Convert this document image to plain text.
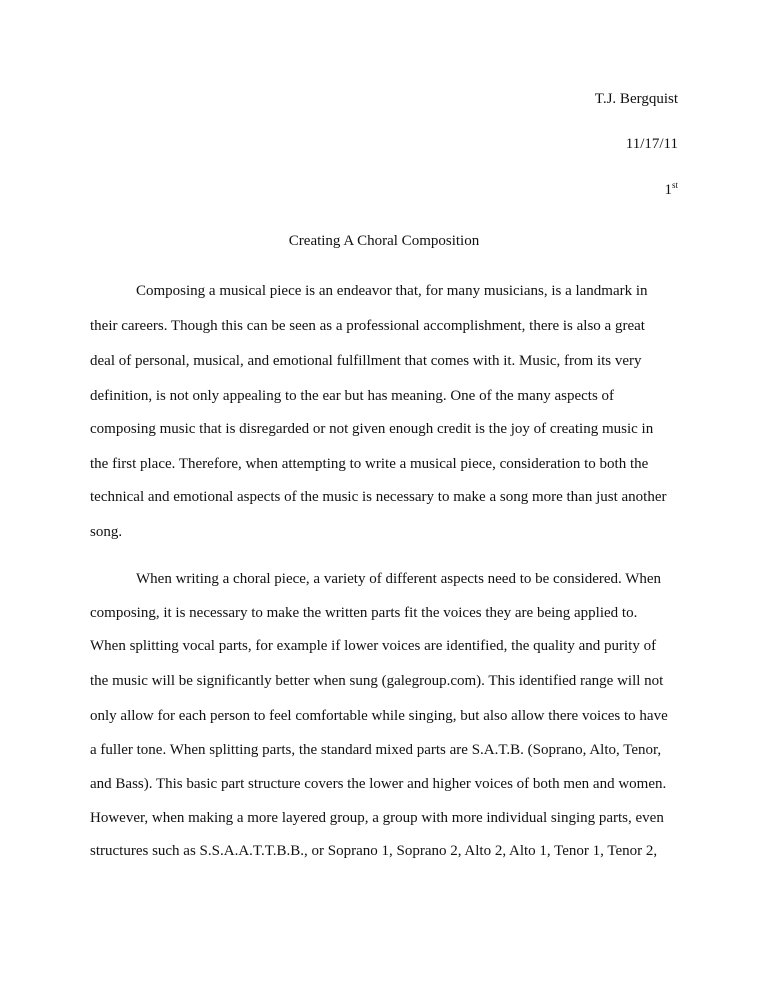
T.J. Bergquist
11/17/11
1st
Creating A Choral Composition
Composing a musical piece is an endeavor that, for many musicians, is a landmark in
their careers. Though this can be seen as a professional accomplishment, there is also a great
deal of personal, musical, and emotional fulfillment that comes with it. Music, from its very
definition, is not only appealing to the ear but has meaning. One of the many aspects of
composing music that is disregarded or not given enough credit is the joy of creating music in
the first place. Therefore, when attempting to write a musical piece, consideration to both the
technical and emotional aspects of the music is necessary to make a song more than just another
song.
When writing a choral piece, a variety of different aspects need to be considered. When
composing, it is necessary to make the written parts fit the voices they are being applied to.
When splitting vocal parts, for example if lower voices are identified, the quality and purity of
the music will be significantly better when sung (galegroup.com). This identified range will not
only allow for each person to feel comfortable while singing, but also allow there voices to have
a fuller tone. When splitting parts, the standard mixed parts are S.A.T.B. (Soprano, Alto, Tenor,
and Bass). This basic part structure covers the lower and higher voices of both men and women.
However, when making a more layered group, a group with more individual singing parts, even
structures such as S.S.A.A.T.T.B.B., or Soprano 1, Soprano 2, Alto 2, Alto 1, Tenor 1, Tenor 2,
